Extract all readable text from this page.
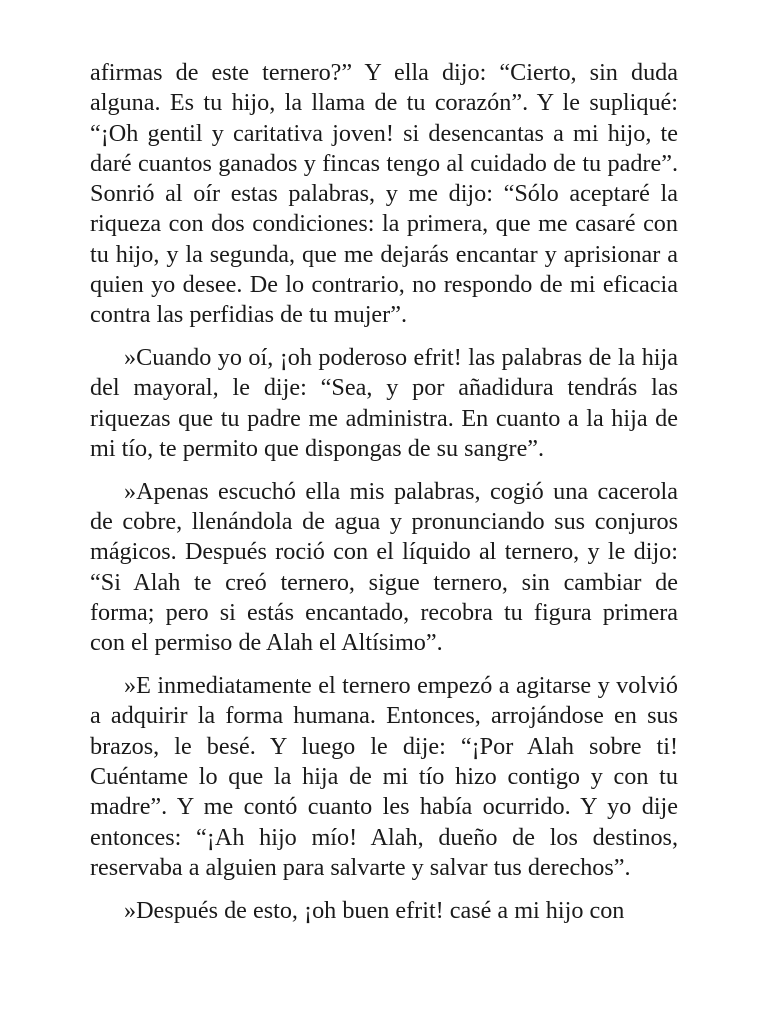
afirmas de este ternero?” Y ella dijo: “Cierto, sin duda alguna. Es tu hijo, la llama de tu corazón”. Y le supliqué: “¡Oh gentil y caritativa joven! si desencantas a mi hijo, te daré cuantos ganados y fincas tengo al cuidado de tu padre”. Sonrió al oír estas palabras, y me dijo: “Sólo aceptaré la riqueza con dos condiciones: la primera, que me casaré con tu hijo, y la segunda, que me dejarás encantar y aprisionar a quien yo desee. De lo contrario, no respondo de mi eficacia contra las perfidias de tu mujer”.

»Cuando yo oí, ¡oh poderoso efrit! las palabras de la hija del mayoral, le dije: “Sea, y por añadidura tendrás las riquezas que tu padre me administra. En cuanto a la hija de mi tío, te permito que dispongas de su sangre”.

»Apenas escuchó ella mis palabras, cogió una cacerola de cobre, llenándola de agua y pronunciando sus conjuros mágicos. Después roció con el líquido al ternero, y le dijo: “Si Alah te creó ternero, sigue ternero, sin cambiar de forma; pero si estás encantado, recobra tu figura primera con el permiso de Alah el Altísimo”.

»E inmediatamente el ternero empezó a agitarse y volvió a adquirir la forma humana. Entonces, arrojándose en sus brazos, le besé. Y luego le dije: “¡Por Alah sobre ti! Cuéntame lo que la hija de mi tío hizo contigo y con tu madre”. Y me contó cuanto les había ocurrido. Y yo dije entonces: “¡Ah hijo mío! Alah, dueño de los destinos, reservaba a alguien para salvarte y salvar tus derechos”.

»Después de esto, ¡oh buen efrit! casé a mi hijo con
